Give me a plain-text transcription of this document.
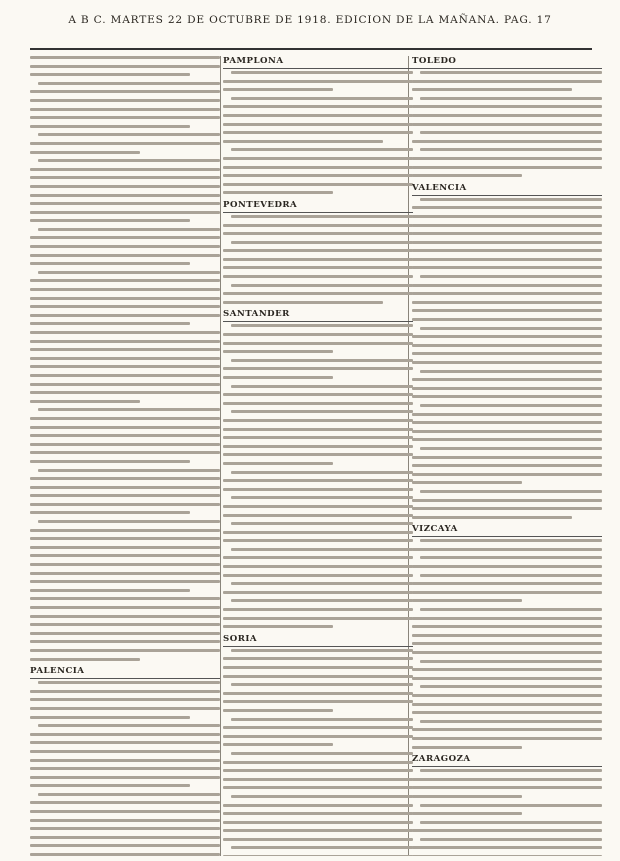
A B C. MARTES 22 DE OCTUBRE DE 1918. EDICION DE LA MAÑANA. PAG. 17
PALENCIA
PAMPLONA
PONTEVEDRA
SANTANDER
SORIA
TOLEDO
VALENCIA
VIZCAYA
ZARAGOZA
